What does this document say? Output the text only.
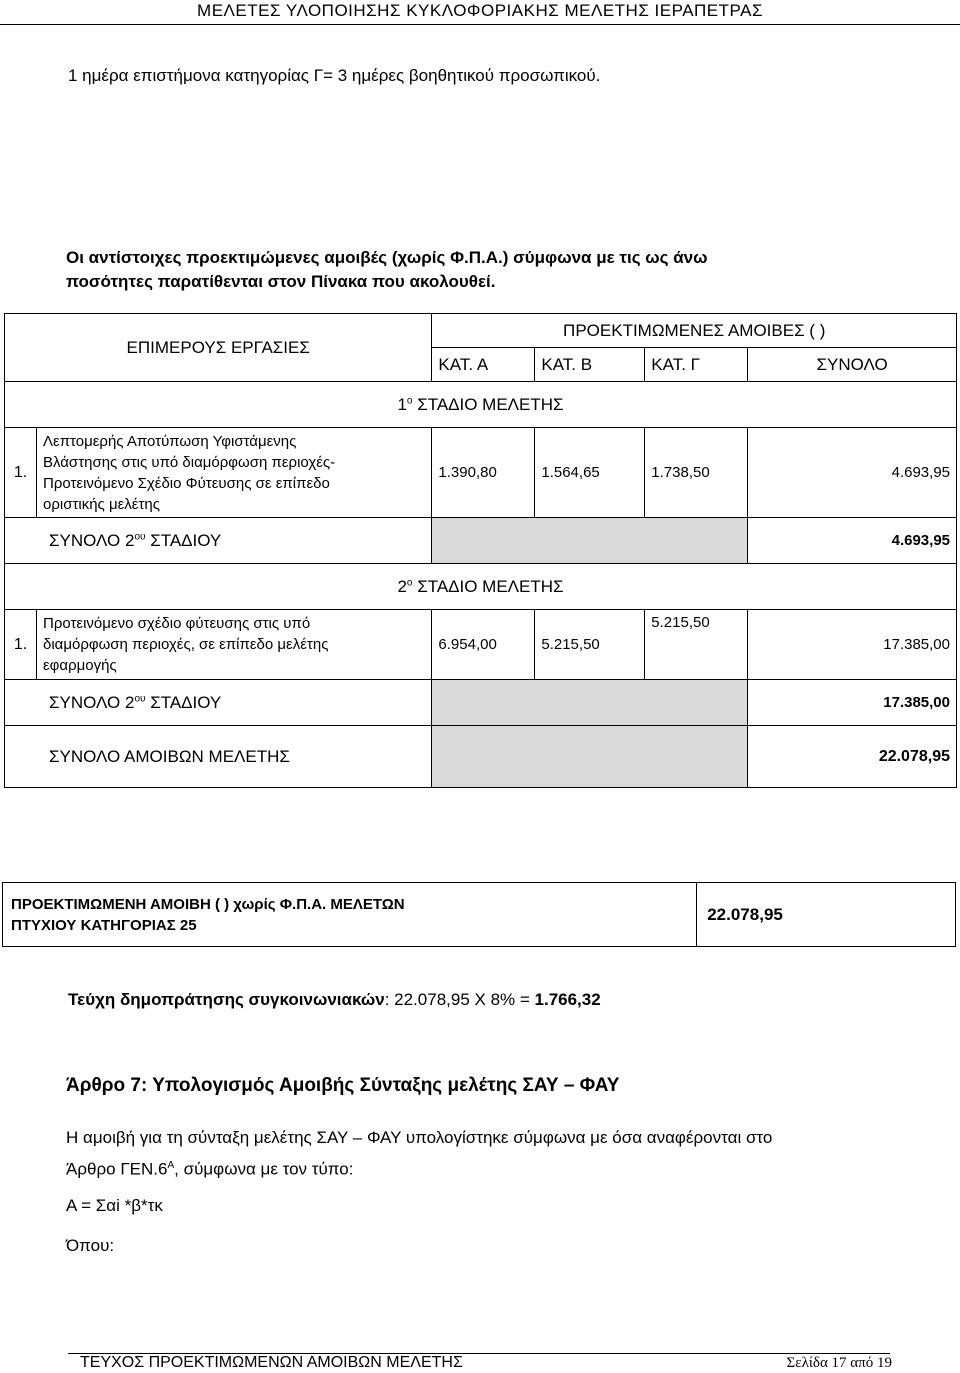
ΜΕΛΕΤΕΣ ΥΛΟΠΟΙΗΣΗΣ ΚΥΚΛΟΦΟΡΙΑΚΗΣ ΜΕΛΕΤΗΣ ΙΕΡΑΠΕΤΡΑΣ
1 ημέρα επιστήμονα κατηγορίας Γ= 3 ημέρες βοηθητικού προσωπικού.
Οι αντίστοιχες προεκτιμώμενες αμοιβές (χωρίς Φ.Π.Α.) σύμφωνα με τις ως άνω
ποσότητες παρατίθενται στον Πίνακα που ακολουθεί.
ΕΠΙΜΕΡΟΥΣ ΕΡΓΑΣΙΕΣ		ΠΡΟΕΚΤΙΜΩΜΕΝΕΣ ΑΜΟΙΒΕΣ ( )			
		ΚΑΤ. Α	ΚΑΤ. Β	ΚΑΤ. Γ	ΣΥΝΟΛΟ
$1^o$ ΣΤΑΔΙΟ ΜΕΛΕΤΗΣ					
1.	Λεπτομερής Αποτύπωση Υφιστάμενης
Βλάστησης στις υπό διαμόρφωση περιοχές-
Προτεινόμενο Σχέδιο Φύτευσης σε επίπεδο
οριστικής μελέτης	1.390,80	1.564,65	1.738,50	4.693,95
ΣΥΝΟΛΟ $2^{o\upsilon}$ ΣΤΑΔΙΟΥ					4.693,95
$2^o$ ΣΤΑΔΙΟ ΜΕΛΕΤΗΣ					
1.	Προτεινόμενο σχέδιο φύτευσης στις υπό
διαμόρφωση περιοχές, σε επίπεδο μελέτης
εφαρμογής	6.954,00	5.215,50	5.215,50	17.385,00
ΣΥΝΟΛΟ $2^{o\upsilon}$ ΣΤΑΔΙΟΥ					17.385,00
ΣΥΝΟΛΟ ΑΜΟΙΒΩΝ ΜΕΛΕΤΗΣ					22.078,95
ΠΡΟΕΚΤΙΜΩΜΕΝΗ ΑΜΟΙΒΗ ( ) χωρίς Φ.Π.Α. ΜΕΛΕΤΩΝ
ΠΤΥΧΙΟΥ ΚΑΤΗΓΟΡΙΑΣ 25
	22.078,95
Τεύχη δημοπράτησης συγκοινωνιακών: 22.078,95 Χ 8% = 1.766,32
Άρθρο 7: Υπολογισμός Αμοιβής Σύνταξης μελέτης ΣΑΥ – ΦΑΥ
Η αμοιβή για τη σύνταξη μελέτης ΣΑΥ – ΦΑΥ υπολογίστηκε σύμφωνα με όσα αναφέρονται στο
Άρθρο $\Gamma EN.6^A$, σύμφωνα με τον τύπο:
Α = Σαi *β*τκ
Όπου:
ΤΕΥΧΟΣ ΠΡΟΕΚΤΙΜΩΜΕΝΩΝ ΑΜΟΙΒΩΝ ΜΕΛΕΤΗΣ	Σελίδα 17 από 19
